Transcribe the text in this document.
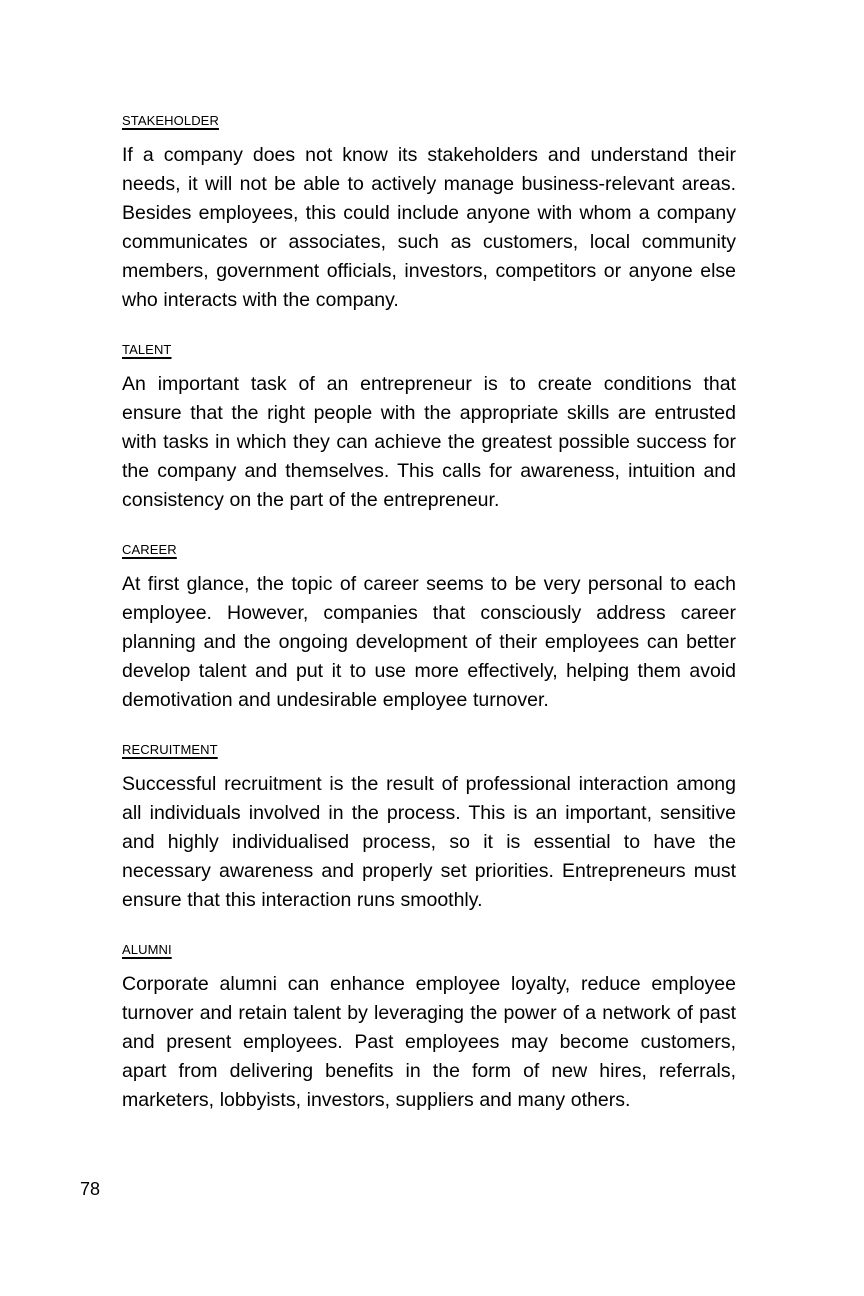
stakeholder

If a company does not know its stakeholders and understand their needs, it will not be able to actively manage business-relevant areas. Besides employees, this could include anyone with whom a company communicates or associates, such as customers, local community members, government officials, investors, competitors or anyone else who interacts with the company.

talent

An important task of an entrepreneur is to create conditions that ensure that the right people with the appropriate skills are entrusted with tasks in which they can achieve the greatest possible success for the company and themselves. This calls for awareness, intuition and consistency on the part of the entrepreneur.

career

At first glance, the topic of career seems to be very personal to each employee. However, companies that consciously address career planning and the ongoing development of their employees can better develop talent and put it to use more effectively, helping them avoid demotivation and undesirable employee turnover.

recruitment

Successful recruitment is the result of professional interaction among all individuals involved in the process. This is an important, sensitive and highly individualised process, so it is essential to have the necessary awareness and properly set priorities. Entrepreneurs must ensure that this interaction runs smoothly.

alumni

Corporate alumni can enhance employee loyalty, reduce employee turnover and retain talent by leveraging the power of a network of past and present employees. Past employees may become customers, apart from delivering benefits in the form of new hires, referrals, marketers, lobbyists, investors, suppliers and many others.

78
